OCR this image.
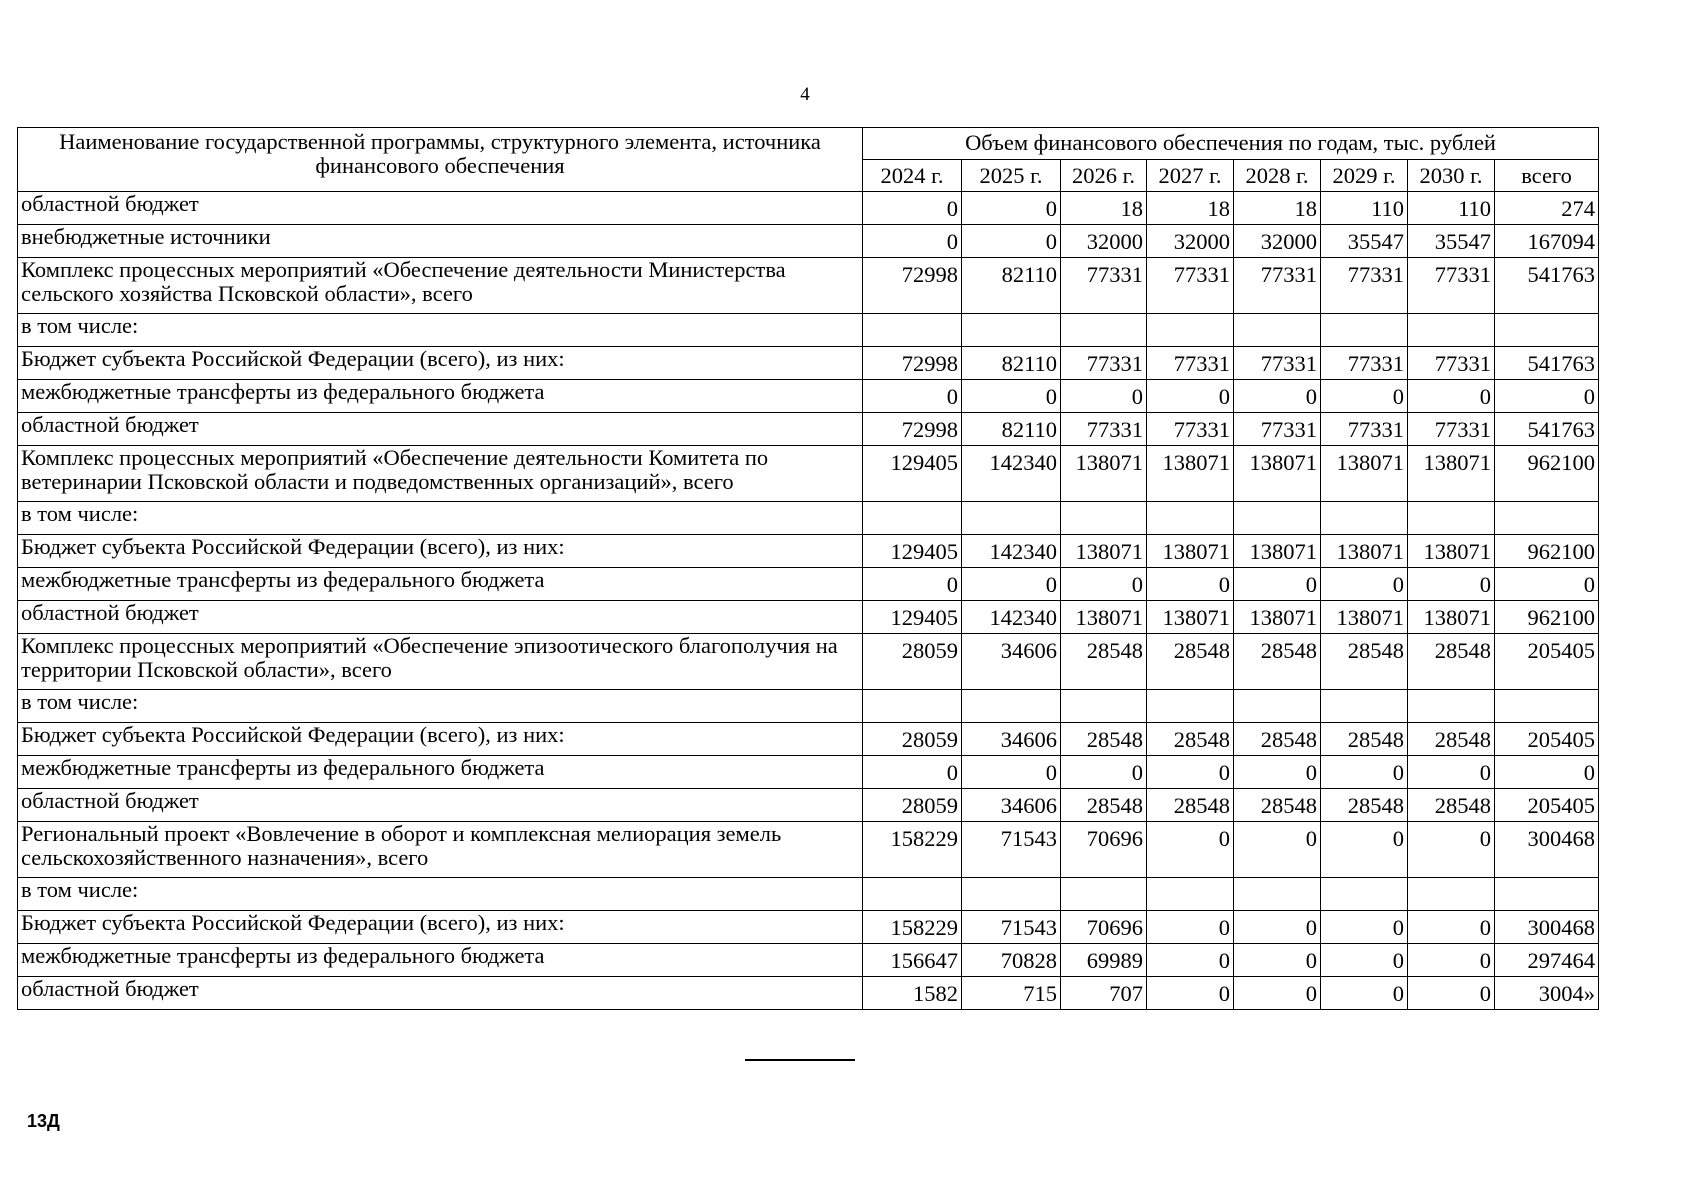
4
Наименование государственной программы, структурного элемента, источника финансового обеспечения	Объем финансового обеспечения по годам, тыс. рублей							
	2024 г.	2025 г.	2026 г.	2027 г.	2028 г.	2029 г.	2030 г.	всего
областной бюджет	0	0	18	18	18	110	110	274
внебюджетные источники	0	0	32000	32000	32000	35547	35547	167094
Комплекс процессных мероприятий «Обеспечение деятельности Министерства сельского хозяйства Псковской области», всего	72998	82110	77331	77331	77331	77331	77331	541763
в том числе:								
Бюджет субъекта Российской Федерации (всего), из них:	72998	82110	77331	77331	77331	77331	77331	541763
межбюджетные трансферты из федерального бюджета	0	0	0	0	0	0	0	0
областной бюджет	72998	82110	77331	77331	77331	77331	77331	541763
Комплекс процессных мероприятий «Обеспечение деятельности Комитета по ветеринарии Псковской области и подведомственных организаций», всего	129405	142340	138071	138071	138071	138071	138071	962100
в том числе:								
Бюджет субъекта Российской Федерации (всего), из них:	129405	142340	138071	138071	138071	138071	138071	962100
межбюджетные трансферты из федерального бюджета	0	0	0	0	0	0	0	0
областной бюджет	129405	142340	138071	138071	138071	138071	138071	962100
Комплекс процессных мероприятий «Обеспечение эпизоотического благополучия на территории Псковской области», всего	28059	34606	28548	28548	28548	28548	28548	205405
в том числе:								
Бюджет субъекта Российской Федерации (всего), из них:	28059	34606	28548	28548	28548	28548	28548	205405
межбюджетные трансферты из федерального бюджета	0	0	0	0	0	0	0	0
областной бюджет	28059	34606	28548	28548	28548	28548	28548	205405
Региональный проект «Вовлечение в оборот и комплексная мелиорация земель сельскохозяйственного назначения», всего	158229	71543	70696	0	0	0	0	300468
в том числе:								
Бюджет субъекта Российской Федерации (всего), из них:	158229	71543	70696	0	0	0	0	300468
межбюджетные трансферты из федерального бюджета	156647	70828	69989	0	0	0	0	297464
областной бюджет	1582	715	707	0	0	0	0	3004»
13Д
